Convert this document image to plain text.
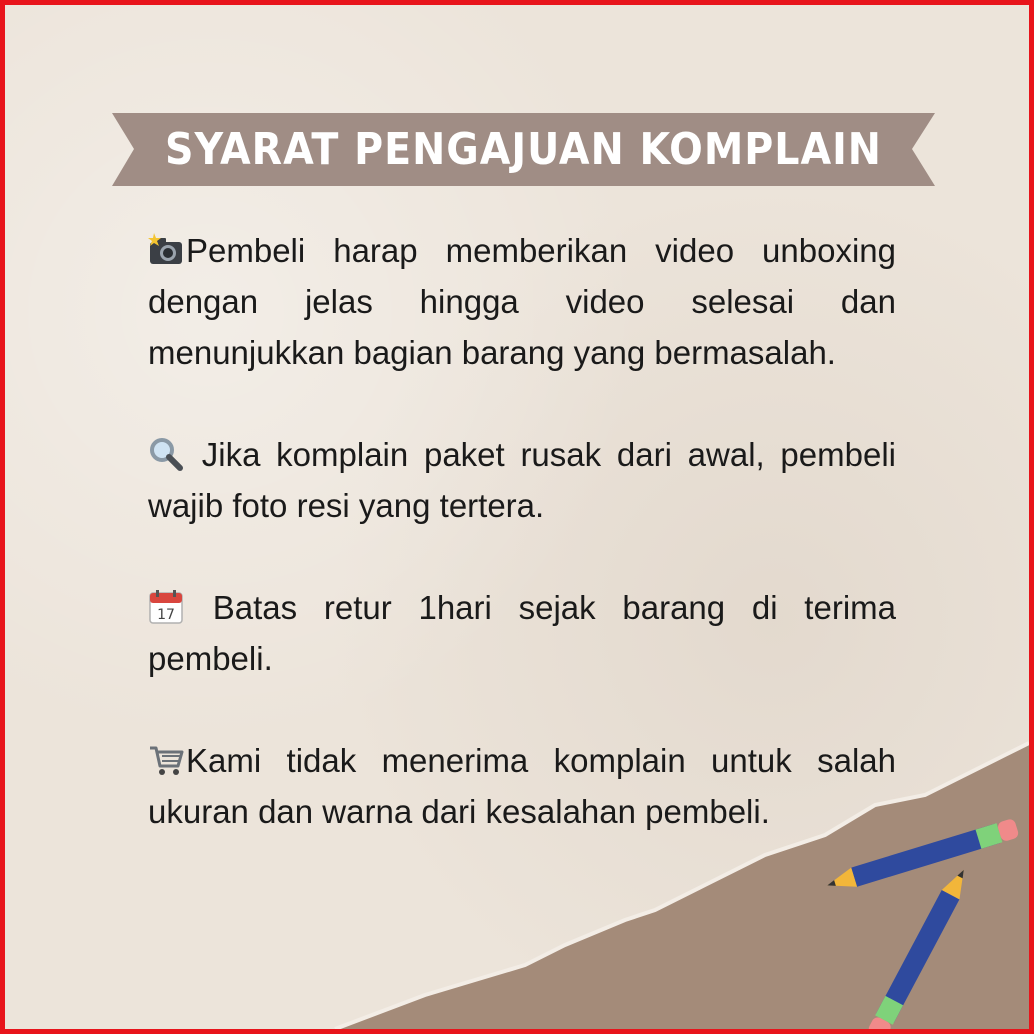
SYARAT PENGAJUAN KOMPLAIN

Pembeli harap memberikan video unboxing dengan jelas hingga video selesai dan menunjukkan bagian barang yang bermasalah.

Jika komplain paket rusak dari awal, pembeli wajib foto resi yang tertera.

17 Batas retur 1hari sejak barang di terima pembeli.

Kami tidak menerima komplain untuk salah ukuran dan warna dari kesalahan pembeli.
